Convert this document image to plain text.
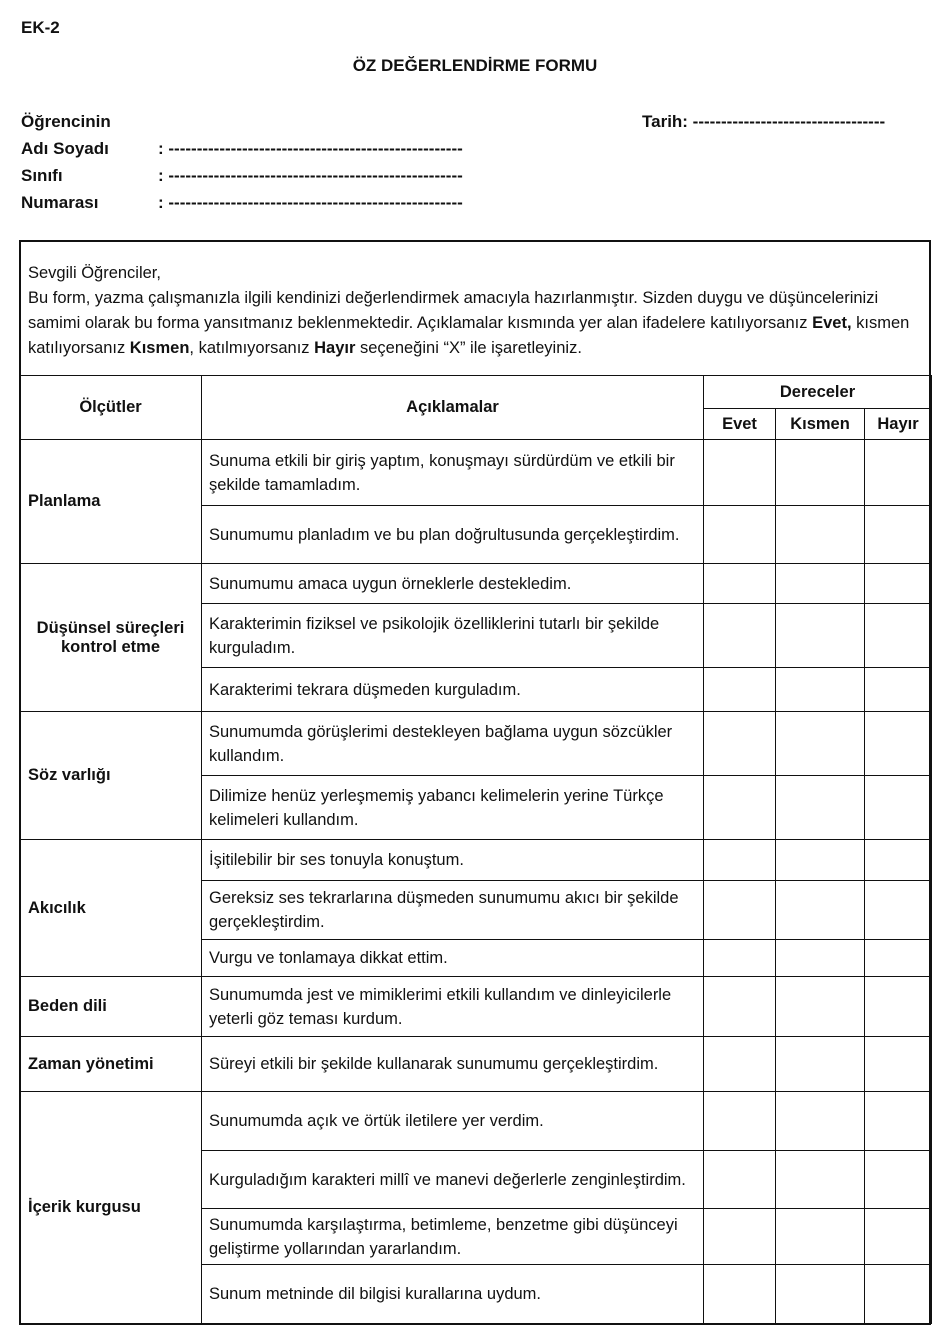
EK-2
ÖZ DEĞERLENDİRME FORMU
Öğrencinin
Adı Soyadı	: ----------------------------------------------------
Sınıfı	: ----------------------------------------------------
Numarası	: ----------------------------------------------------
Tarih: ----------------------------------

Sevgili Öğrenciler,

Bu form, yazma çalışmanızla ilgili kendinizi değerlendirmek amacıyla hazırlanmıştır. Sizden duygu ve düşüncelerinizi samimi olarak bu forma yansıtmanız beklenmektedir. Açıklamalar kısmında yer alan ifadelere katılıyorsanız Evet, kısmen katılıyorsanız Kısmen, katılmıyorsanız Hayır seçeneğini “X” ile işaretleyiniz.

Ölçütler	Açıklamalar	Dereceler		
		Evet	Kısmen	Hayır
Planlama	Sunuma etkili bir giriş yaptım, konuşmayı sürdürdüm ve etkili bir şekilde tamamladım.			
	Sunumumu planladım ve bu plan doğrultusunda gerçekleştirdim.			
Düşünsel süreçleri kontrol etme	Sunumumu amaca uygun örneklerle destekledim.			
	Karakterimin fiziksel ve psikolojik özelliklerini tutarlı bir şekilde kurguladım.			
	Karakterimi tekrara düşmeden kurguladım.			
Söz varlığı	Sunumumda görüşlerimi destekleyen bağlama uygun sözcükler kullandım.			
	Dilimize henüz yerleşmemiş yabancı kelimelerin yerine Türkçe kelimeleri kullandım.			
Akıcılık	İşitilebilir bir ses tonuyla konuştum.			
	Gereksiz ses tekrarlarına düşmeden sunumumu akıcı bir şekilde gerçekleştirdim.			
	Vurgu ve tonlamaya dikkat ettim.			
Beden dili	Sunumumda jest ve mimiklerimi etkili kullandım ve dinleyicilerle yeterli göz teması kurdum.			
Zaman yönetimi	Süreyi etkili bir şekilde kullanarak sunumumu gerçekleştirdim.			
İçerik kurgusu	Sunumumda açık ve örtük iletilere yer verdim.			
	Kurguladığım karakteri millî ve manevi değerlerle zenginleştirdim.			
	Sunumumda karşılaştırma, betimleme, benzetme gibi düşünceyi geliştirme yollarından yararlandım.			
	Sunum metninde dil bilgisi kurallarına uydum.			
